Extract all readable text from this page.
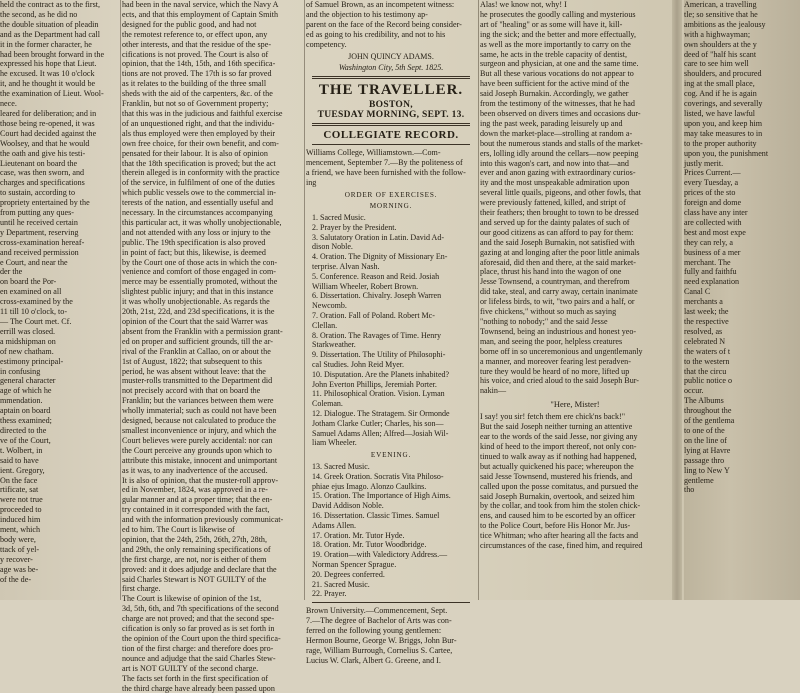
held the contract as to the first,

the second, as he did no

the double situation of pleadin

and as the Department had call

it in the former character, he

had been brought forward in the

expressed his hope that Lieut.

he excused. It was 10 o'clock

it, and he thought it would be

the examination of Lieut. Wool-

nece.

leared for deliberation; and in

those being re-opened, it was

Court had decided against the

Woolsey, and that he would

the oath and give his testi-

Lieutenant on board the

case, was then sworn, and

charges and specifications

to sustain, according to

propriety entertained by the

from putting any ques-

until he received certain

y Department, reserving

cross-examination hereaf-

and received permission

e Court, and near the

der the

on board the Por-

en examined on all

cross-examined by the

11 till 10 o'clock, to-

— The Court met. Cf.

errill was closed.

a midshipman on

of new chatham.

estimony principal-

in confusing

general character

age of which he

mmendation.

aptain on board

thess examined;

directed to the

ve of the Court,

t. Wolbert, in

said to have

ient. Gregory,

On the face

rtificate, sat

were not true

proceeded to

induced him

ment, which

body were,

ttack of yel-

y recover-

age was be-

of the de-

had been in the naval service, which the Navy A

ects, and that this employment of Captain Smith

designed for the public good, and had not

the remotest reference to, or effect upon, any

other interests, and that the residue of the spe-

cifications is not proved. The Court is also of

opinion, that the 14th, 15th, and 16th specifica-

tions are not proved. The 17th is so far proved

as it relates to the building of the three small

sheds with the aid of the carpenters, &c. of the

Franklin, but not so of Government property;

that this was in the judicious and faithful exercise

of an unquestioned right, and that the individu-

als thus employed were then employed by their

own free choice, for their own benefit, and com-

pensated for their labour. It is also of opinion

that the 18th specification is proved; but the act

therein alleged is in conformity with the practice

of the service, in fulfilment of one of the duties

which public vessels owe to the commercial in-

terests of the nation, and essentially useful and

necessary. In the circumstances accompanying

this particular act, it was wholly unobjectionable,

and not attended with any loss or injury to the

public. The 19th specification is also proved

in point of fact; but this, likewise, is deemed

by the Court one of those acts in which the con-

venience and comfort of those engaged in com-

merce may be essentially promoted, without the

slightest public injury; and that in this instance

it was wholly unobjectionable. As regards the

20th, 21st, 22d, and 23d specifications, it is the

opinion of the Court that the said Warrer was

absent from the Franklin with a permission grant-

ed on proper and sufficient grounds, till the ar-

rival of the Franklin at Callao, on or about the

1st of August, 1822; that subsequent to this

period, he was absent without leave: that the

muster-rolls transmitted to the Department did

not precisely accord with that on board the

Franklin; but the variances between them were

wholly immaterial; such as could not have been

designed, because not calculated to produce the

smallest inconvenience or injury, and which the

Court believes were purely accidental: nor can

the Court perceive any grounds upon which to

attribute this mistake, innocent and unimportant

as it was, to any inadvertence of the accused.

It is also of opinion, that the muster-roll approv-

ed in November, 1824, was approved in a re-

gular manner and at a proper time; that the en-

try contained in it corresponded with the fact,

and with the information previously communicat-

ed to him. The Court is likewise of

opinion, that the 24th, 25th, 26th, 27th, 28th,

and 29th, the only remaining specifications of

the first charge, are not, nor is either of them

proved: and it does adjudge and declare that the

said Charles Stewart is NOT GUILTY of the

first charge.

The Court is likewise of opinion of the 1st,

3d, 5th, 6th, and 7th specifications of the second

charge are not proved; and that the second spe-

cification is only so far proved as is set forth in

the opinion of the Court upon the third specifica-

tion of the first charge: and therefore does pro-

nounce and adjudge that the said Charles Stew-

art is NOT GUILTY of the second charge.

The facts set forth in the first specification of

the third charge have already been passed upon

of Samuel Brown, as an incompetent witness:

and the objection to his testimony ap-

parent on the face of the Record being consider-

ed as going to his credibility, and not to his

competency.

JOHN QUINCY ADAMS.

Washington City, 5th Sept. 1825.

THE TRAVELLER.
BOSTON,
TUESDAY MORNING, SEPT. 13.
COLLEGIATE RECORD.

Williams College, Williamstown.—Com-

mencement, September 7.—By the politeness of

a friend, we have been furnished with the follow-

ing

ORDER OF EXERCISES.
MORNING.

1. Sacred Music.

2. Prayer by the President.

3. Salutatory Oration in Latin. David Ad-

dison Noble.

4. Oration. The Dignity of Missionary En-

terprise. Alvan Nash.

5. Conference. Reason and Reid. Josiah

William Wheeler, Robert Brown.

6. Dissertation. Chivalry. Joseph Warren

Newcomb.

7. Oration. Fall of Poland. Robert Mc-

Clellan.

8. Oration. The Ravages of Time. Henry

Starkweather.

9. Dissertation. The Utility of Philosophi-

cal Studies. John Reid Myer.

10. Disputation. Are the Planets inhabited?

John Everton Phillips, Jeremiah Porter.

11. Philosophical Oration. Vision. Lyman

Coleman.

12. Dialogue. The Stratagem. Sir Ormonde

Jotham Clarke Cutler; Charles, his son—

Samuel Adams Allen; Alfred—Josiah Wil-

liam Wheeler.

EVENING.

13. Sacred Music.

14. Greek Oration. Socratis Vita Philoso-

phiae ejus Imago. Alonzo Caulkins.

15. Oration. The Importance of High Aims.

David Addison Noble.

16. Dissertation. Classic Times. Samuel

Adams Allen.

17. Oration. Mr. Tutor Hyde.

18. Oration. Mr. Tutor Woodbridge.

19. Oration—with Valedictory Address.—

Norman Spencer Sprague.

20. Degrees conferred.

21. Sacred Music.

22. Prayer.

Brown University.—Commencement, Sept.

7.—The degree of Bachelor of Arts was con-

ferred on the following young gentlemen:

Hermon Bourne, George W. Briggs, John Bur-

rage, William Burrough, Cornelius S. Cartee,

Lucius W. Clark, Albert G. Greene, and I.

Alas! we know not, why! I

he prosecutes the goodly calling and mysterious

art of "healing" or as some will have it, kill-

ing the sick; and the better and more effectually,

as well as the more importantly to carry on the

same, he acts in the treble capacity of dentist,

surgeon and physician, at one and the same time.

But all these various vocations do not appear to

have been sufficient for the active mind of the

said Joseph Burnakin. Accordingly, we gather

from the testimony of the witnesses, that he had

been observed on divers times and occasions dur-

ing the past week, parading leisurely up and

down the market-place—strolling at random a-

bout the numerous stands and stalls of the market-

ers, lolling idly around the cellars—now peeping

into this wagon's cart, and now into that—and

ever and anon gazing with extraordinary curios-

ity and the most unspeakable admiration upon

several little quails, pigeons, and other fowls, that

were previously fattened, killed, and stript of

their feathers; then brought to town to be dressed

and served up for the dainty palates of such of

our good citizens as can afford to pay for them:

and the said Joseph Burnakin, not satisfied with

gazing at and longing after the poor little animals

aforesaid, did then and there, at the said market-

place, thrust his hand into the wagon of one

Jesse Townsend, a countryman, and therefrom

did take, steal, and carry away, certain inanimate

or lifeless birds, to wit, "two pairs and a half, or

five chickens," without so much as saying

"nothing to nobody;" and the said Jesse

Townsend, being an industrious and honest yeo-

man, and seeing the poor, helpless creatures

borne off in so unceremonious and ungentlemanly

a manner, and moreover fearing lest peradven-

ture they would be heard of no more, lifted up

his voice, and cried aloud to the said Joseph Bur-

nakin—

"Here, Mister!

I say! you sir! fetch them ere chick'ns back!"

But the said Joseph neither turning an attentive

ear to the words of the said Jesse, nor giving any

kind of heed to the import thereof, not only con-

tinued to walk away as if nothing had happened,

but actually quickened his pace; whereupon the

said Jesse Townsend, mustered his friends, and

called upon the posse comitatus, and pursued the

said Joseph Burnakin, overtook, and seized him

by the collar, and took from him the stolen chick-

ens, and caused him to be escorted by an officer

to the Police Court, before His Honor Mr. Jus-

tice Whitman; who after hearing all the facts and

circumstances of the case, fined him, and required

American, a travelling

tle; so sensitive that he

ambitions as the jealousy

with a highwayman;

own shoulders at the y

deed of "half his scant

care to see him well

shoulders, and procured

ing at the small place,

cog. And if he is again

coverings, and severally

listed, we have lawful

upon you, and keep him

may take measures to in

to the proper authority

upon you, the punishment

justly merit.

Prices Current.—

every Tuesday, a

prices of the sto

foreign and dome

class have any inter

are collected with

best and most expe

they can rely, a

business of a mer

merchant. The

fully and faithfu

need explanation

Canal C

merchants a

last week; the

the respective

resolved, as

celebrated N

the waters of t

to the western

that the circu

public notice o

occur.

The Albums

throughout the

of the gentlema

to one of the

on the line of

lying at Havre

passage thro

ling to New Y

gentleme

tho
